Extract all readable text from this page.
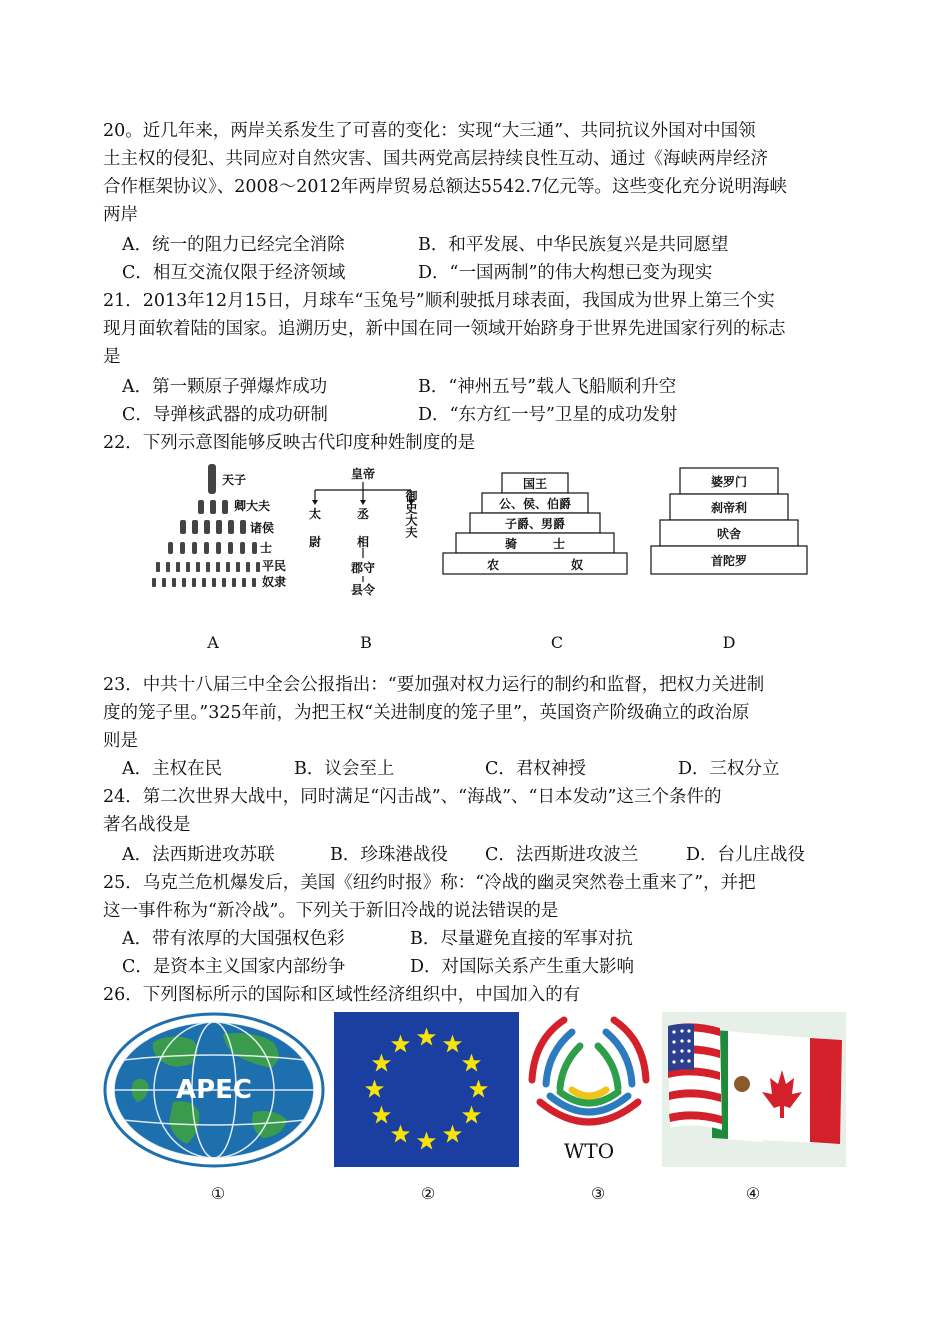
20。近几年来，两岸关系发生了可喜的变化：实现“大三通”、共同抗议外国对中国领
土主权的侵犯、共同应对自然灾害、国共两党高层持续良性互动、通过《海峡两岸经济
合作框架协议》、2008～2012年两岸贸易总额达5542.7亿元等。这些变化充分说明海峡
两岸
A．统一的阻力已经完全消除	B．和平发展、中华民族复兴是共同愿望
C．相互交流仅限于经济领域	D．“一国两制”的伟大构想已变为现实
21．2013年12月15日，月球车“玉兔号”顺利驶抵月球表面，我国成为世界上第三个实
现月面软着陆的国家。追溯历史，新中国在同一领域开始跻身于世界先进国家行列的标志
是
A．第一颗原子弹爆炸成功	B．“神州五号”载人飞船顺利升空
C．导弹核武器的成功研制	D．“东方红一号”卫星的成功发射
22．下列示意图能够反映古代印度种姓制度的是
天子
卿大夫
诸侯
士
平民
奴隶
皇帝
太
尉
丞
相
郡守
县令
御史大夫
国王
公、侯、伯爵
子爵、男爵
骑　　　士
农　　　　　　奴
婆罗门
刹帝利
吠舍
首陀罗
A	B	C	D
23．中共十八届三中全会公报指出：“要加强对权力运行的制约和监督，把权力关进制
度的笼子里。”325年前，为把王权“关进制度的笼子里”，英国资产阶级确立的政治原
则是
A．主权在民	B．议会至上	C．君权神授	D．三权分立
24．第二次世界大战中，同时满足“闪击战”、“海战”、“日本发动”这三个条件的
著名战役是
A．法西斯进攻苏联	B．珍珠港战役 C．法西斯进攻波兰	D．台儿庄战役
25．乌克兰危机爆发后，美国《纽约时报》称：“冷战的幽灵突然卷土重来了”，并把
这一事件称为“新冷战”。下列关于新旧冷战的说法错误的是
A．带有浓厚的大国强权色彩	B．尽量避免直接的军事对抗
C．是资本主义国家内部纷争	D．对国际关系产生重大影响
26．下列图标所示的国际和区域性经济组织中，中国加入的有
APEC
WTO
①	②	③	④
